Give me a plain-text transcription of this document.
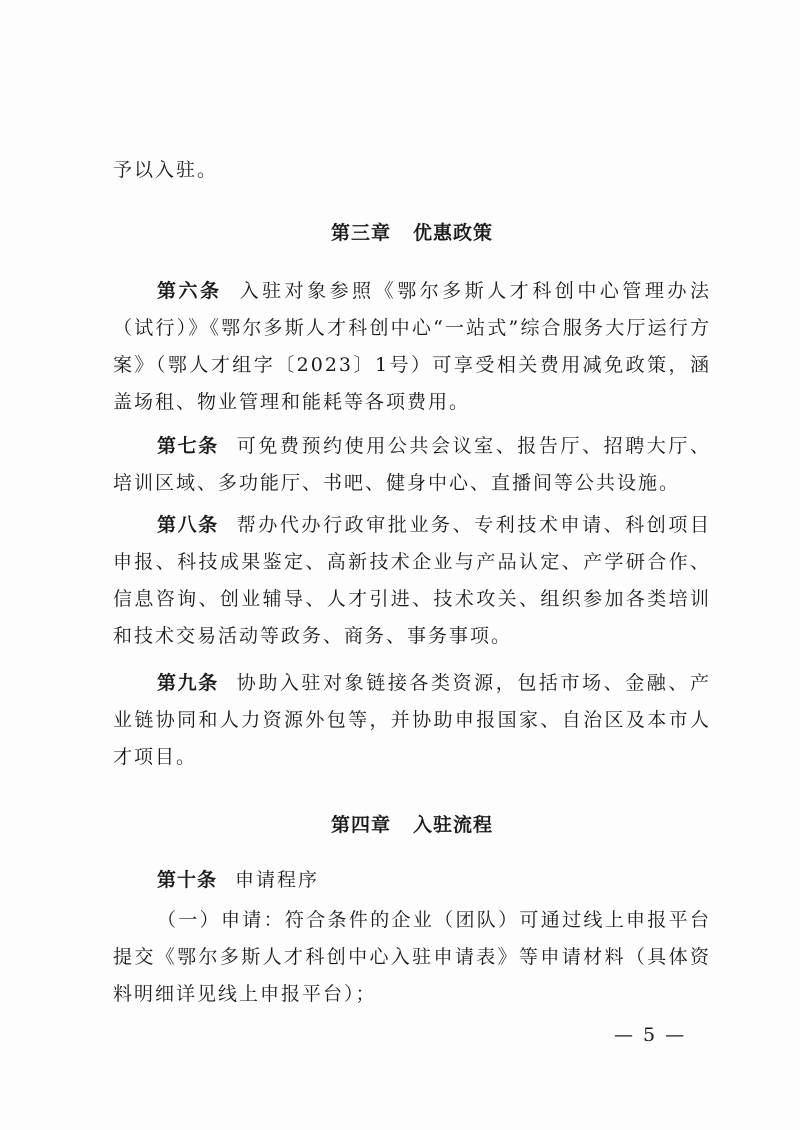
予以入驻。

第三章 优惠政策

第六条 入驻对象参照《鄂尔多斯人才科创中心管理办法（试行）》《鄂尔多斯人才科创中心“一站式”综合服务大厅运行方案》（鄂人才组字〔2023〕1号）可享受相关费用减免政策，涵盖场租、物业管理和能耗等各项费用。

第七条 可免费预约使用公共会议室、报告厅、招聘大厅、培训区域、多功能厅、书吧、健身中心、直播间等公共设施。

第八条 帮办代办行政审批业务、专利技术申请、科创项目申报、科技成果鉴定、高新技术企业与产品认定、产学研合作、信息咨询、创业辅导、人才引进、技术攻关、组织参加各类培训和技术交易活动等政务、商务、事务事项。

第九条 协助入驻对象链接各类资源，包括市场、金融、产业链协同和人力资源外包等，并协助申报国家、自治区及本市人才项目。

第四章 入驻流程

第十条 申请程序

（一）申请：符合条件的企业（团队）可通过线上申报平台提交《鄂尔多斯人才科创中心入驻申请表》等申请材料（具体资料明细详见线上申报平台）；

— 5 —
